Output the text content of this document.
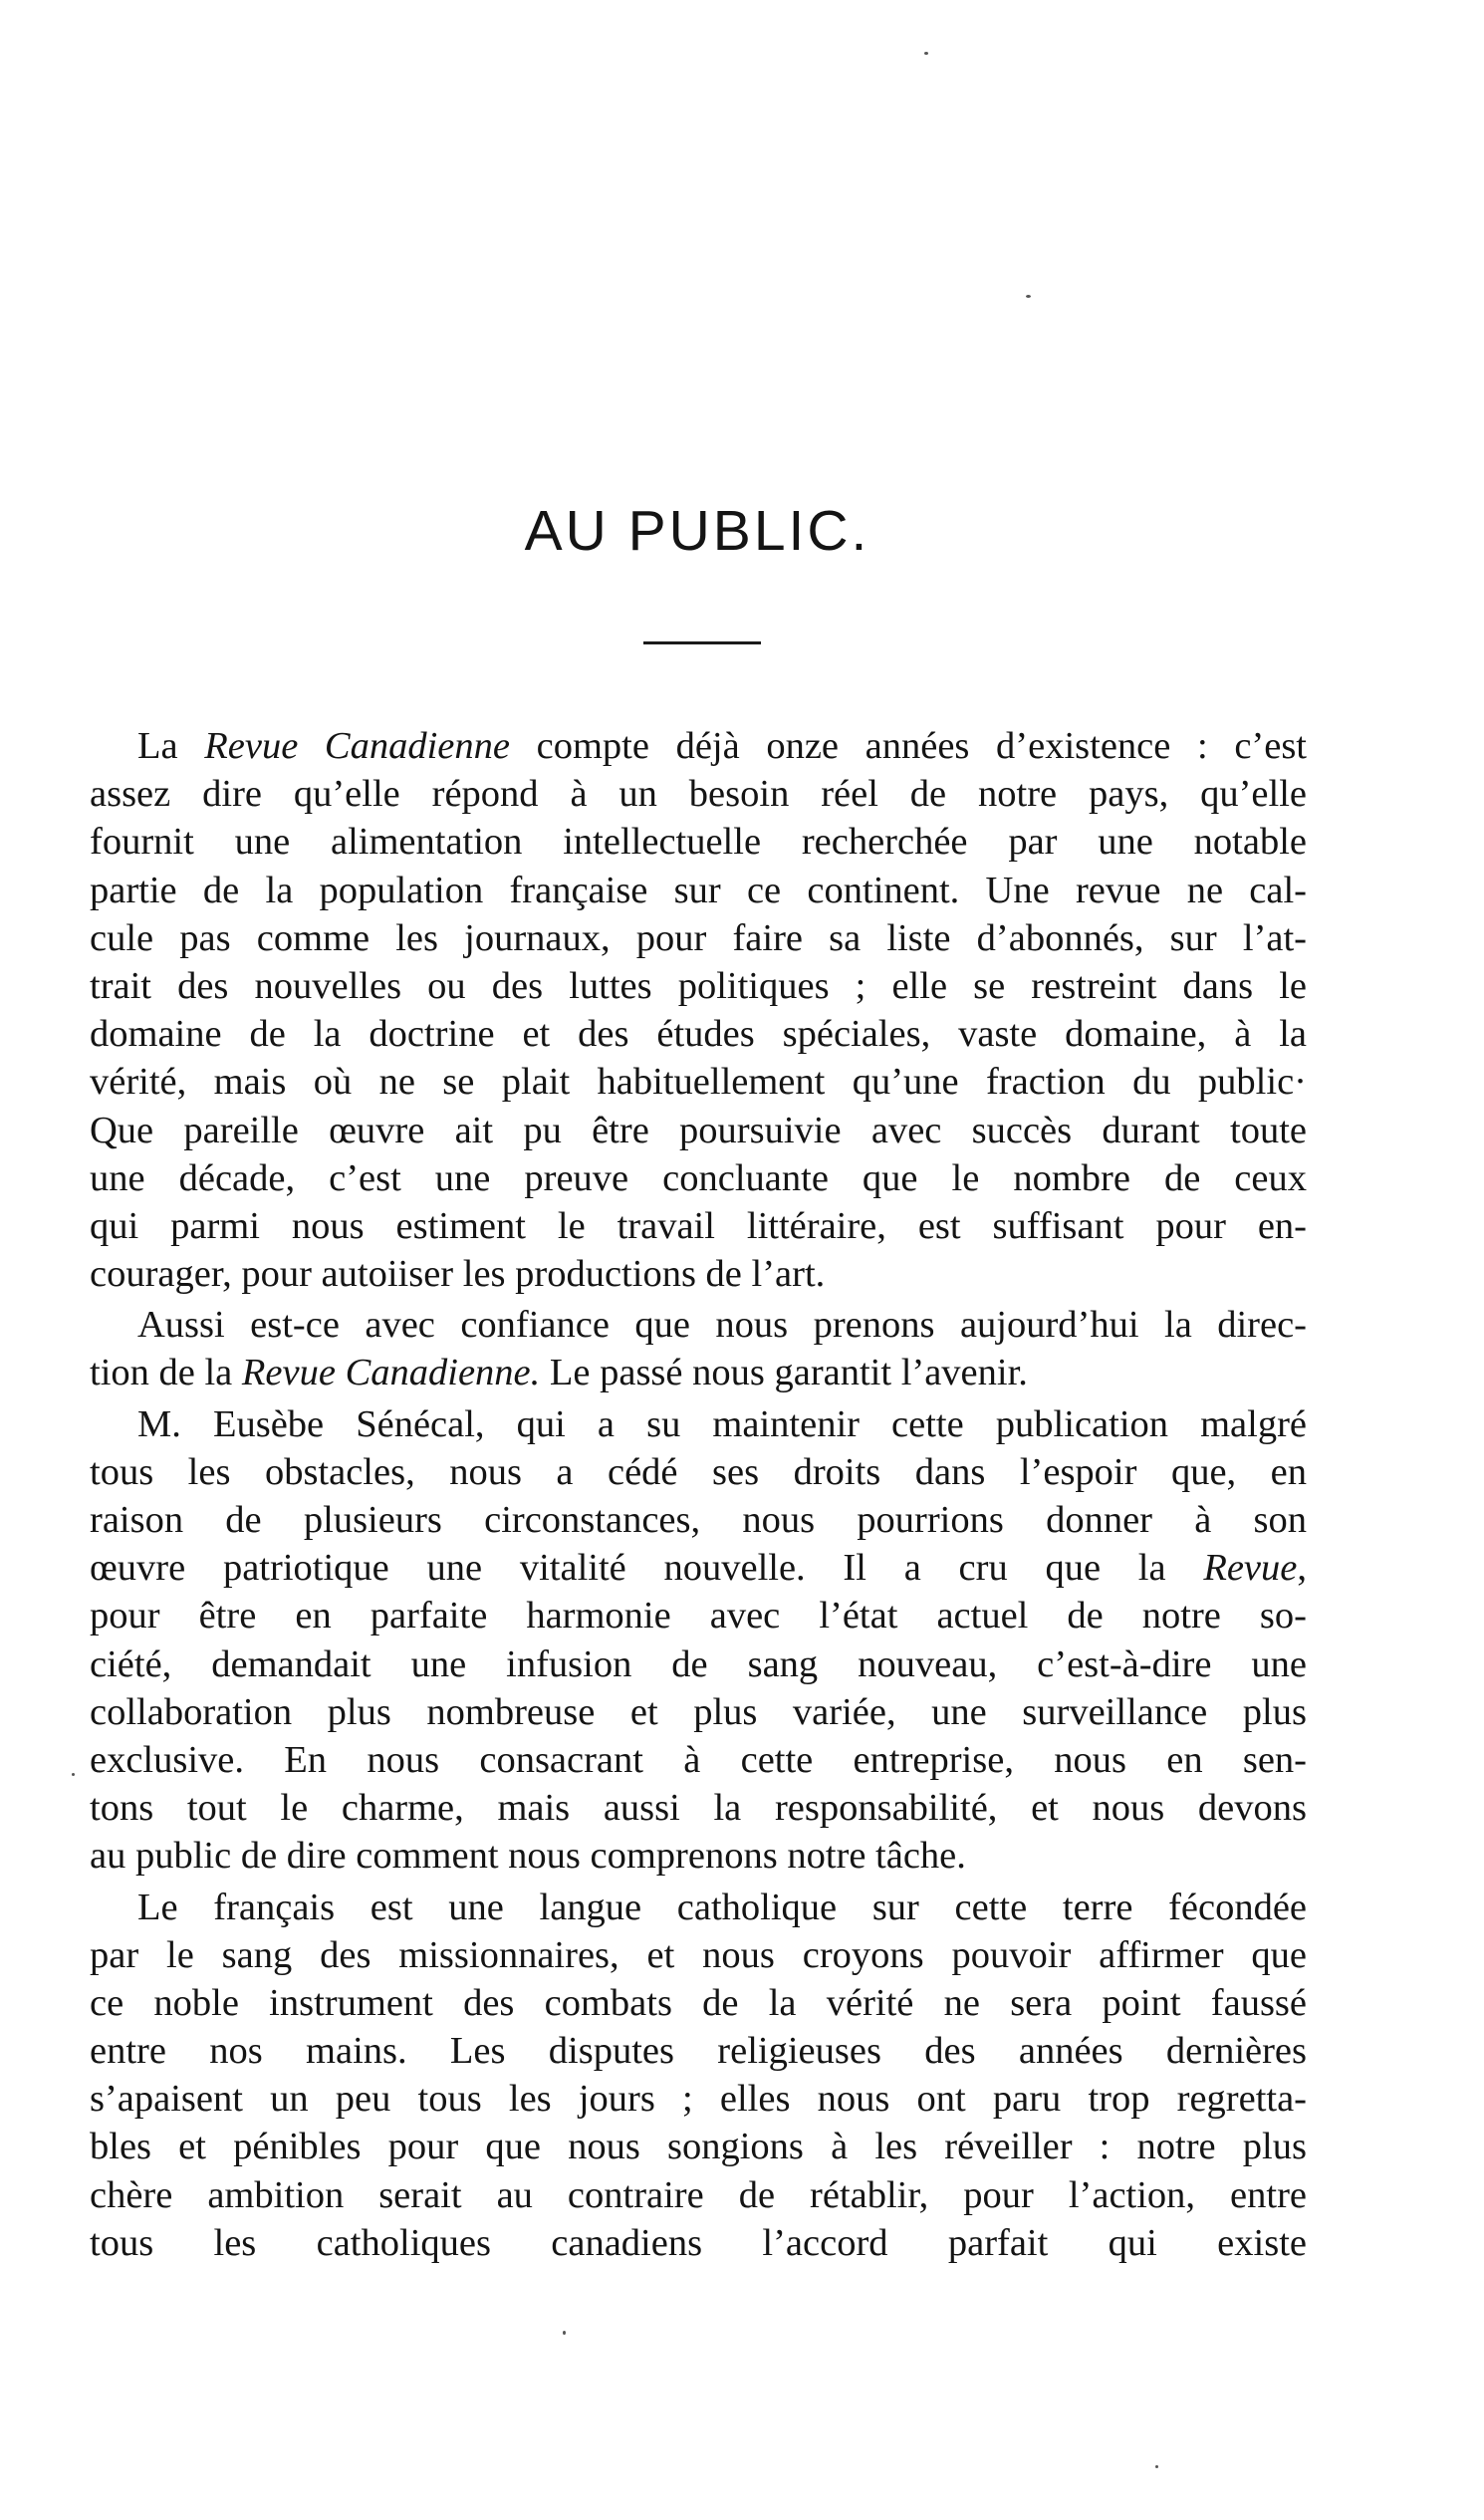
AU PUBLIC.
La Revue Canadienne compte déjà onze années d’existence : c’est
assez dire qu’elle répond à un besoin réel de notre pays, qu’elle
fournit une alimentation intellectuelle recherchée par une notable
partie de la population française sur ce continent. Une revue ne cal-
cule pas comme les journaux, pour faire sa liste d’abonnés, sur l’at-
trait des nouvelles ou des luttes politiques ; elle se restreint dans le
domaine de la doctrine et des études spéciales, vaste domaine, à la
vérité, mais où ne se plait habituellement qu’une fraction du public·
Que pareille œuvre ait pu être poursuivie avec succès durant toute
une décade, c’est une preuve concluante que le nombre de ceux
qui parmi nous estiment le travail littéraire, est suffisant pour en-
courager, pour autoiiser les productions de l’art.
Aussi est-ce avec confiance que nous prenons aujourd’hui la direc-
tion de la Revue Canadienne. Le passé nous garantit l’avenir.
M. Eusèbe Sénécal, qui a su maintenir cette publication malgré
tous les obstacles, nous a cédé ses droits dans l’espoir que, en
raison de plusieurs circonstances, nous pourrions donner à son
œuvre patriotique une vitalité nouvelle. Il a cru que la Revue,
pour être en parfaite harmonie avec l’état actuel de notre so-
ciété, demandait une infusion de sang nouveau, c’est-à-dire une
collaboration plus nombreuse et plus variée, une surveillance plus
exclusive. En nous consacrant à cette entreprise, nous en sen-
tons tout le charme, mais aussi la responsabilité, et nous devons
au public de dire comment nous comprenons notre tâche.
Le français est une langue catholique sur cette terre fécondée
par le sang des missionnaires, et nous croyons pouvoir affirmer que
ce noble instrument des combats de la vérité ne sera point faussé
entre nos mains. Les disputes religieuses des années dernières
s’apaisent un peu tous les jours ; elles nous ont paru trop regretta-
bles et pénibles pour que nous songions à les réveiller : notre plus
chère ambition serait au contraire de rétablir, pour l’action, entre
tous les catholiques canadiens l’accord parfait qui existe
